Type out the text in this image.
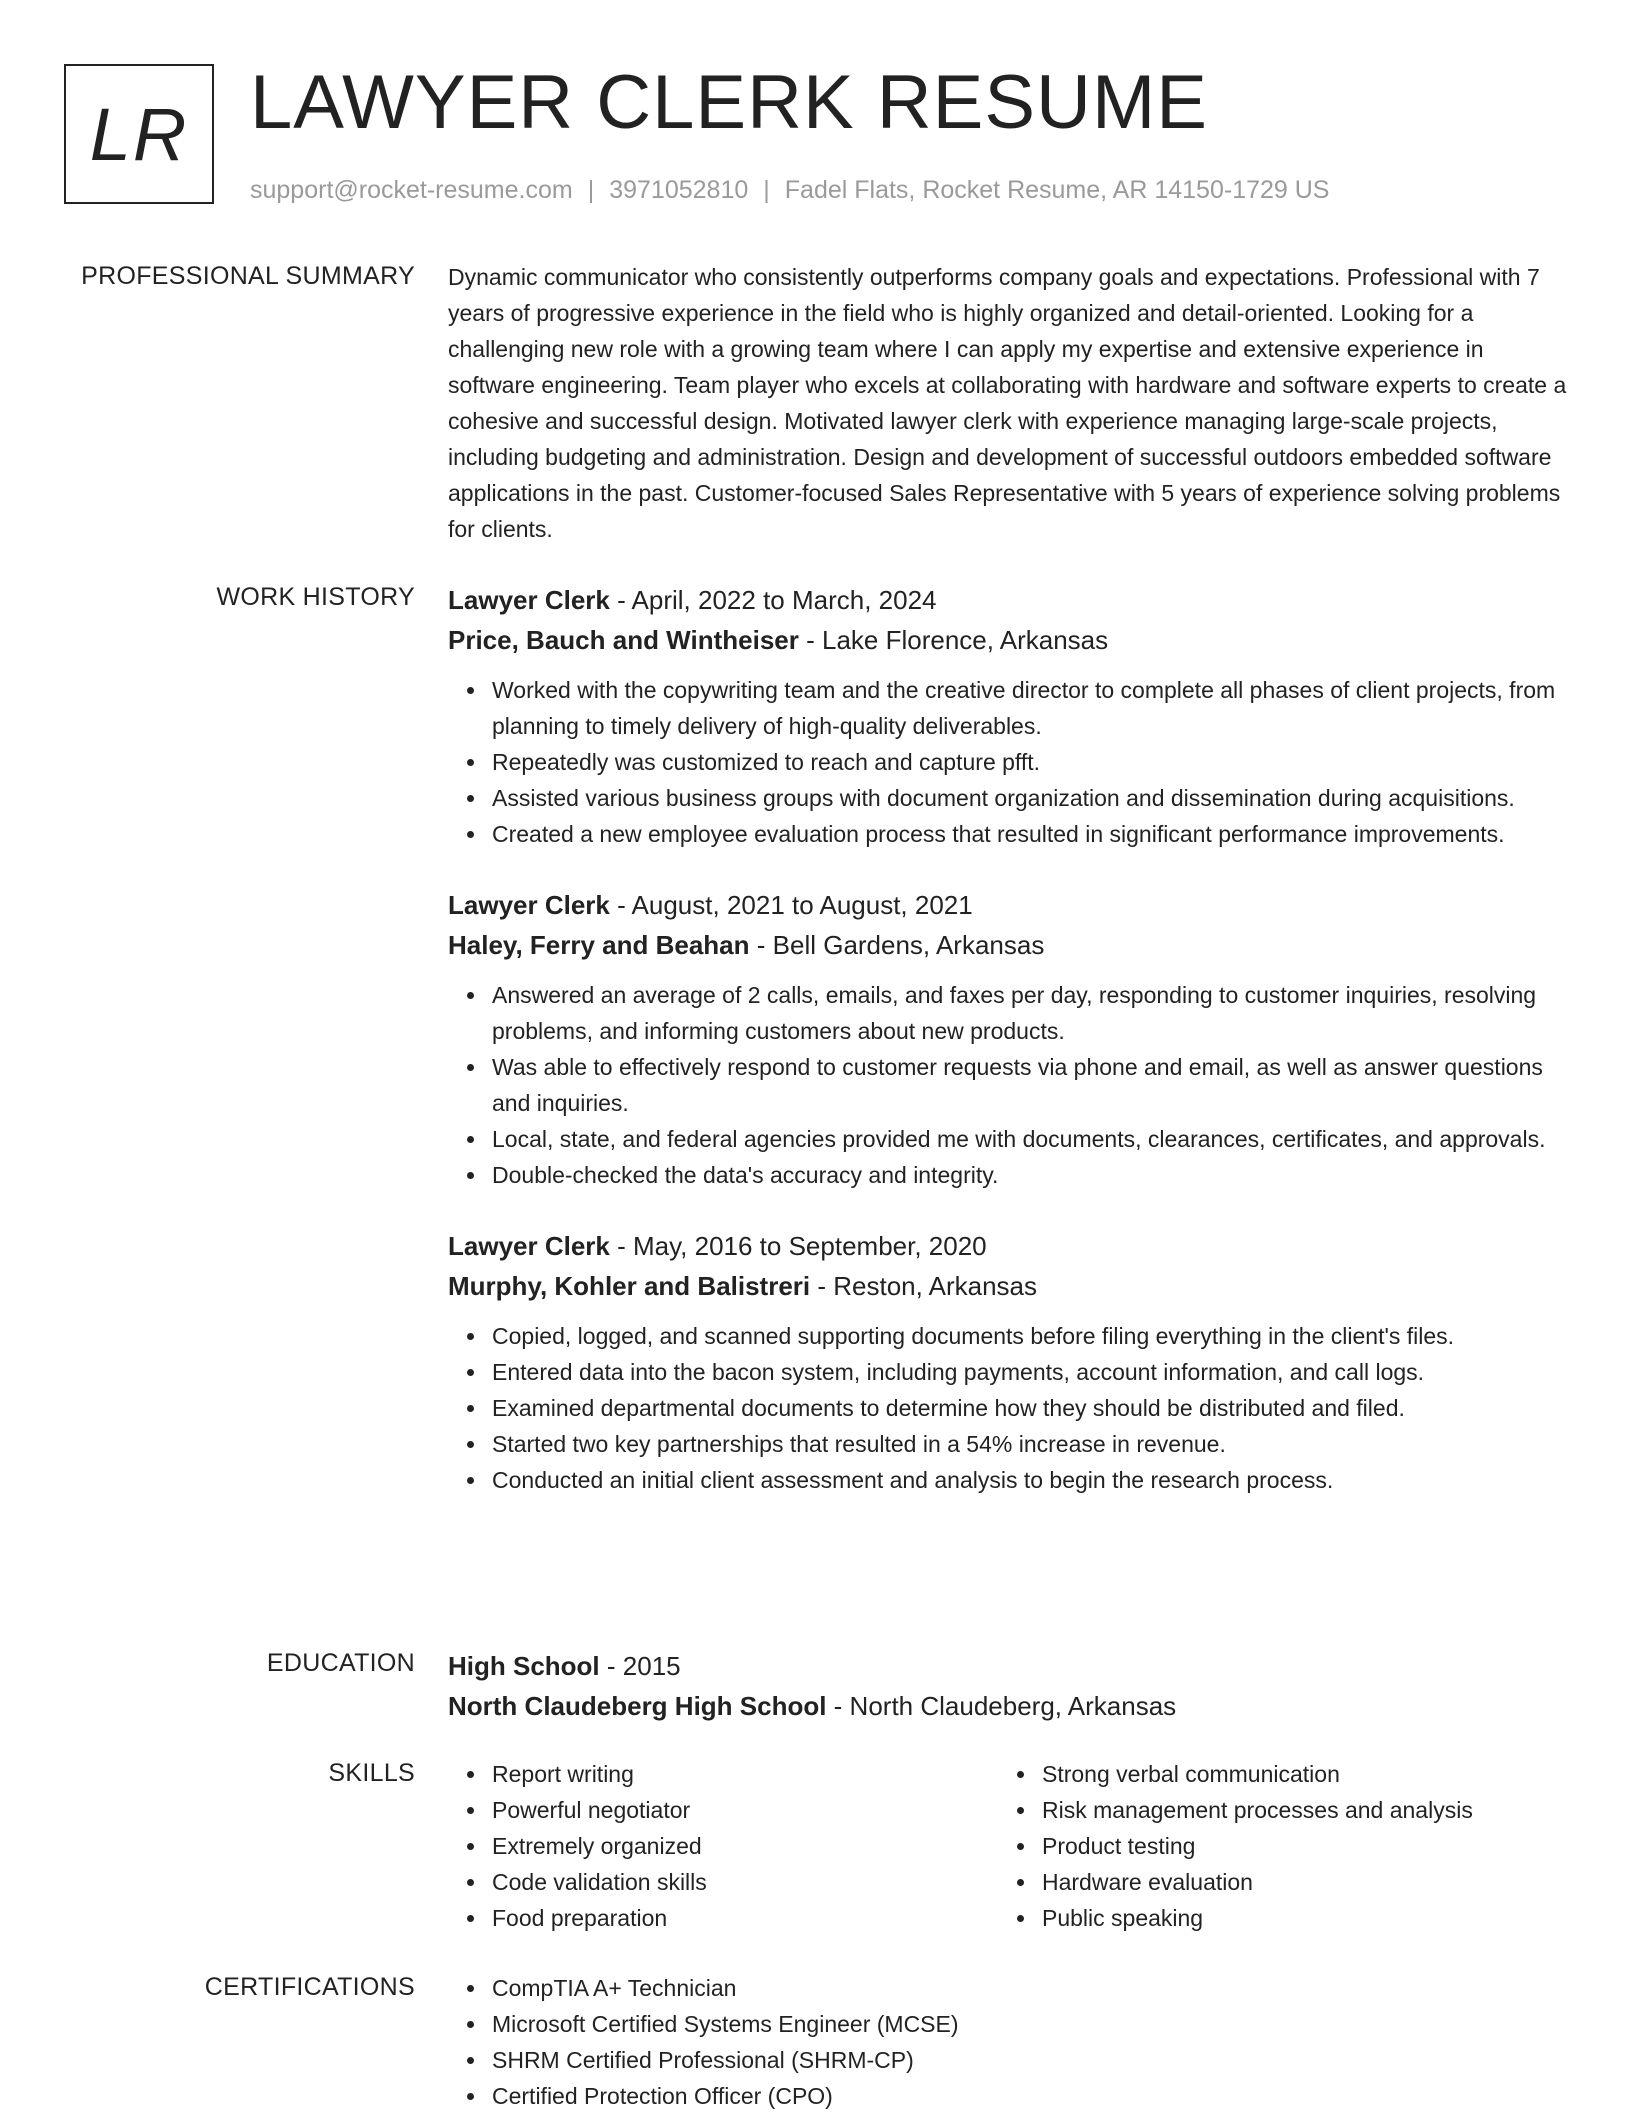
LR LAWYER CLERK RESUME
support@rocket-resume.com | 3971052810 | Fadel Flats, Rocket Resume, AR 14150-1729 US
PROFESSIONAL SUMMARY Dynamic communicator who consistently outperforms company goals and expectations. Professional with 7 years of progressive experience in the field who is highly organized and detail-oriented. Looking for a challenging new role with a growing team where I can apply my expertise and extensive experience in software engineering. Team player who excels at collaborating with hardware and software experts to create a cohesive and successful design. Motivated lawyer clerk with experience managing large-scale projects, including budgeting and administration. Design and development of successful outdoors embedded software applications in the past. Customer-focused Sales Representative with 5 years of experience solving problems for clients.

WORK HISTORY Lawyer Clerk - April, 2022 to March, 2024
Price, Bauch and Wintheiser - Lake Florence, Arkansas
Worked with the copywriting team and the creative director to complete all phases of client projects, from planning to timely delivery of high-quality deliverables.
Repeatedly was customized to reach and capture pfft.
Assisted various business groups with document organization and dissemination during acquisitions.
Created a new employee evaluation process that resulted in significant performance improvements.
Lawyer Clerk - August, 2021 to August, 2021
Haley, Ferry and Beahan - Bell Gardens, Arkansas
Answered an average of 2 calls, emails, and faxes per day, responding to customer inquiries, resolving problems, and informing customers about new products.
Was able to effectively respond to customer requests via phone and email, as well as answer questions and inquiries.
Local, state, and federal agencies provided me with documents, clearances, certificates, and approvals.
Double-checked the data's accuracy and integrity.
Lawyer Clerk - May, 2016 to September, 2020
Murphy, Kohler and Balistreri - Reston, Arkansas
Copied, logged, and scanned supporting documents before filing everything in the client's files.
Entered data into the bacon system, including payments, account information, and call logs.
Examined departmental documents to determine how they should be distributed and filed.
Started two key partnerships that resulted in a 54% increase in revenue.
Conducted an initial client assessment and analysis to begin the research process.
EDUCATION High School - 2015
North Claudeberg High School - North Claudeberg, Arkansas
SKILLS	Report writing
Powerful negotiator
Extremely organized
Code validation skills
Food preparation
Strong verbal communication
Risk management processes and analysis
Product testing
Hardware evaluation
Public speaking
CERTIFICATIONS	CompTIA A+ Technician
Microsoft Certified Systems Engineer (MCSE)
SHRM Certified Professional (SHRM-CP)
Certified Protection Officer (CPO)
